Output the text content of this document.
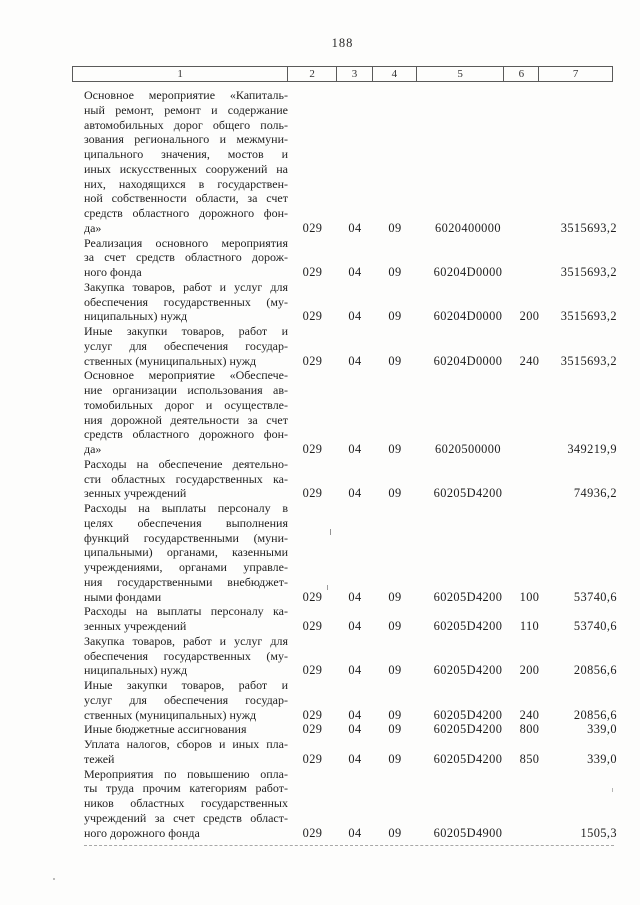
188
1	2	3	4	5	6	7
Основное мероприятие «Капиталь-
ный ремонт, ремонт и содержание
автомобильных дорог общего поль-
зования регионального и межмуни-
ципального значения, мостов и
иных искусственных сооружений на
них, находящихся в государствен-
ной собственности области, за счет
средств областного дорожного фон-
да»	029	04	09	6020400000		3515693,2

Реализация основного мероприятия
за счет средств областного дорож-
ного фонда	029	04	09	60204D0000		3515693,2

Закупка товаров, работ и услуг для
обеспечения государственных (му-
ниципальных) нужд	029	04	09	60204D0000	200	3515693,2

Иные закупки товаров, работ и
услуг для обеспечения государ-
ственных (муниципальных) нужд	029	04	09	60204D0000	240	3515693,2

Основное мероприятие «Обеспече-
ние организации использования ав-
томобильных дорог и осуществле-
ния дорожной деятельности за счет
средств областного дорожного фон-
да»	029	04	09	6020500000		349219,9

Расходы на обеспечение деятельно-
сти областных государственных ка-
зенных учреждений	029	04	09	60205D4200		74936,2

Расходы на выплаты персоналу в
целях обеспечения выполнения
функций государственными (муни-
ципальными) органами, казенными
учреждениями, органами управле-
ния государственными внебюджет-
ными фондами	029	04	09	60205D4200	100	53740,6

Расходы на выплаты персоналу ка-
зенных учреждений	029	04	09	60205D4200	110	53740,6

Закупка товаров, работ и услуг для
обеспечения государственных (му-
ниципальных) нужд	029	04	09	60205D4200	200	20856,6

Иные закупки товаров, работ и
услуг для обеспечения государ-
ственных (муниципальных) нужд	029	04	09	60205D4200	240	20856,6

Иные бюджетные ассигнования	029	04	09	60205D4200	800	339,0

Уплата налогов, сборов и иных пла-
тежей	029	04	09	60205D4200	850	339,0

Мероприятия по повышению опла-
ты труда прочим категориям работ-
ников областных государственных
учреждений за счет средств област-
ного дорожного фонда	029	04	09	60205D4900		1505,3
